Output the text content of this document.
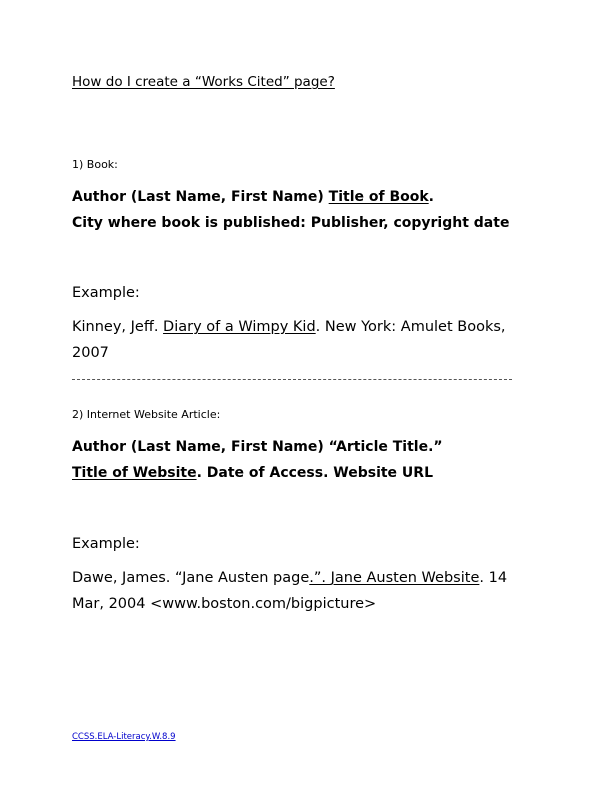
How do I create a “Works Cited” page?
1) Book:
Author (Last Name, First Name) Title of Book.
City where book is published: Publisher, copyright date
Example:
Kinney, Jeff. Diary of a Wimpy Kid. New York: Amulet Books,
2007
2) Internet Website Article:
Author (Last Name, First Name) “Article Title.”
Title of Website. Date of Access. Website URL
Example:
Dawe, James. “Jane Austen page.”. Jane Austen Website. 14
Mar, 2004 <www.boston.com/bigpicture>
CCSS.ELA-Literacy.W.8.9
